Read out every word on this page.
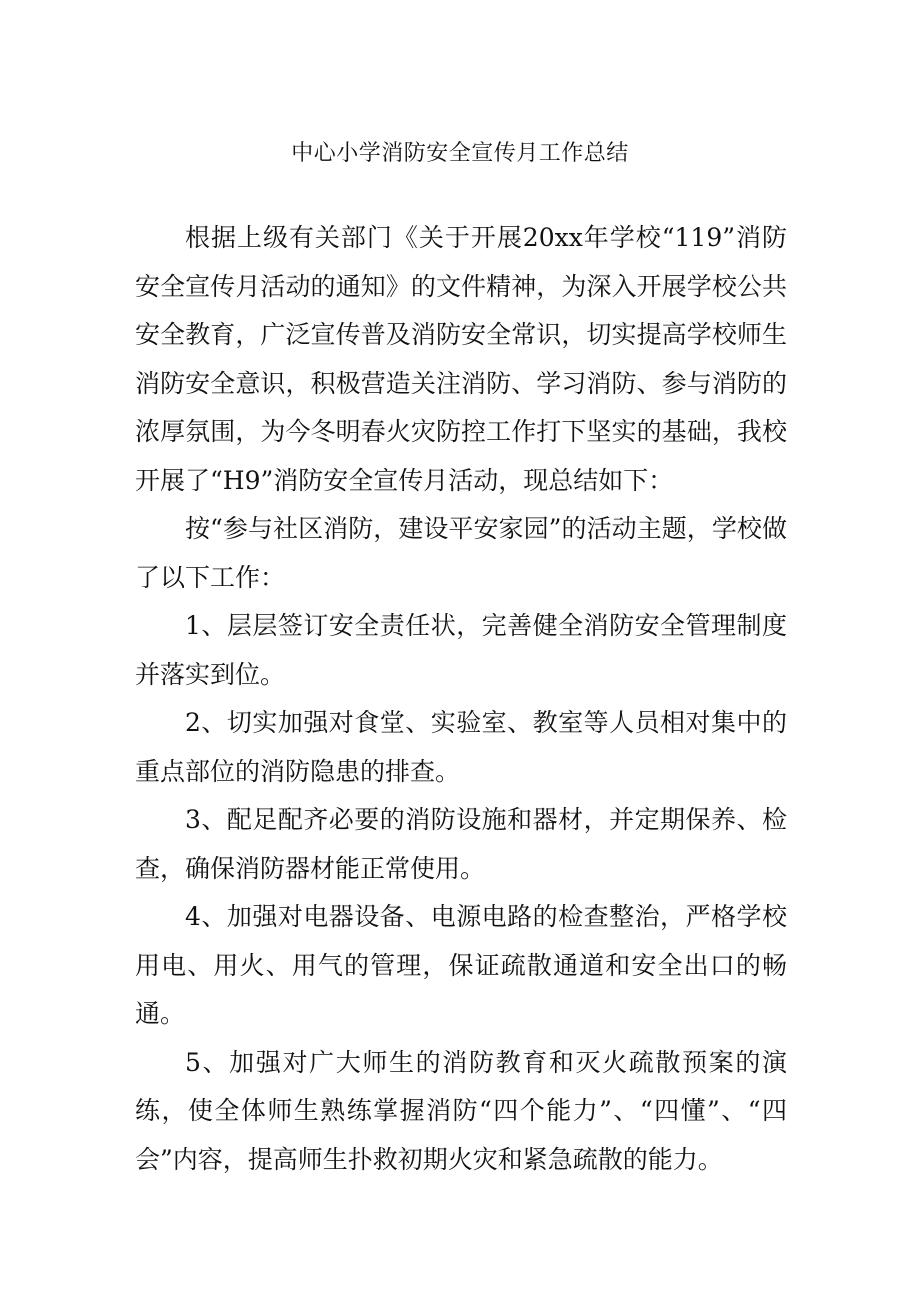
中心小学消防安全宣传月工作总结

根据上级有关部门《关于开展20xx年学校“119”消防安全宣传月活动的通知》的文件精神，为深入开展学校公共安全教育，广泛宣传普及消防安全常识，切实提高学校师生消防安全意识，积极营造关注消防、学习消防、参与消防的浓厚氛围，为今冬明春火灾防控工作打下坚实的基础，我校开展了“H9”消防安全宣传月活动，现总结如下：

按“参与社区消防，建设平安家园”的活动主题，学校做了以下工作：

1、层层签订安全责任状，完善健全消防安全管理制度并落实到位。

2、切实加强对食堂、实验室、教室等人员相对集中的重点部位的消防隐患的排查。

3、配足配齐必要的消防设施和器材，并定期保养、检查，确保消防器材能正常使用。

4、加强对电器设备、电源电路的检查整治，严格学校用电、用火、用气的管理，保证疏散通道和安全出口的畅通。

5、加强对广大师生的消防教育和灭火疏散预案的演练，使全体师生熟练掌握消防“四个能力”、“四懂”、“四会”内容，提高师生扑救初期火灾和紧急疏散的能力。
